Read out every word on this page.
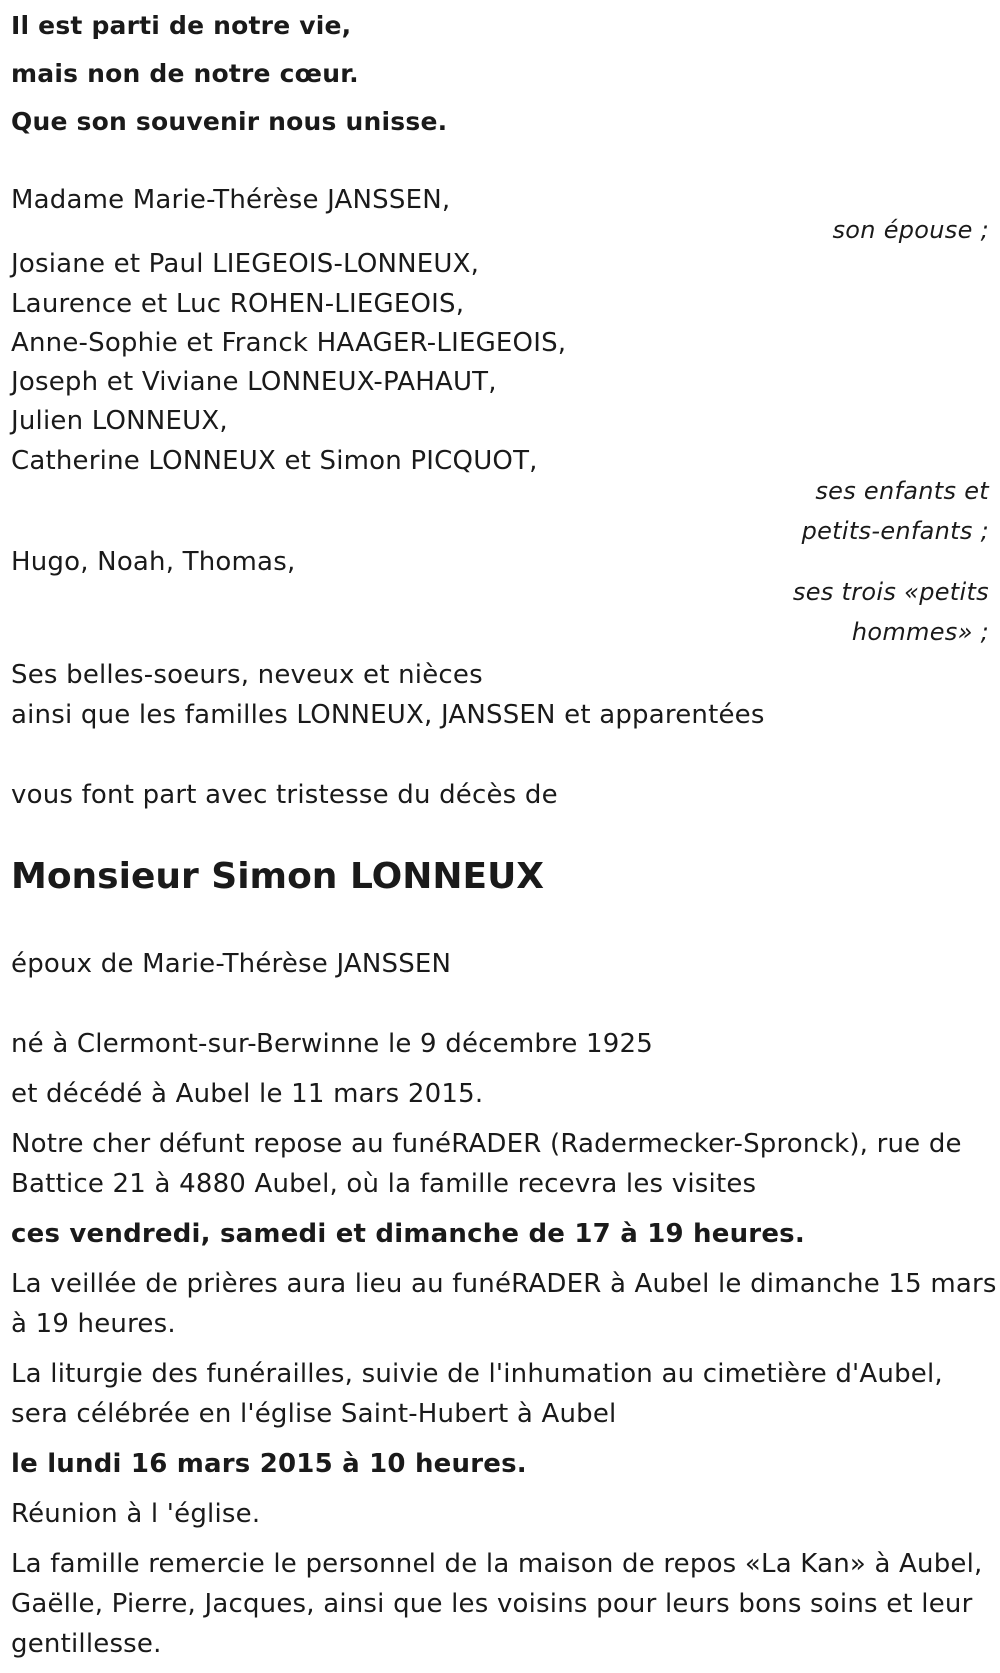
Il est parti de notre vie,
mais non de notre cœur.
Que son souvenir nous unisse.
Madame Marie-Thérèse JANSSEN,
son épouse ;
Josiane et Paul LIEGEOIS-LONNEUX,
Laurence et Luc ROHEN-LIEGEOIS,
Anne-Sophie et Franck HAAGER-LIEGEOIS,
Joseph et Viviane LONNEUX-PAHAUT,
Julien LONNEUX,
Catherine LONNEUX et Simon PICQUOT,
ses enfants et
petits-enfants ;
Hugo, Noah, Thomas,
ses trois «petits
hommes» ;
Ses belles-soeurs, neveux et nièces
ainsi que les familles LONNEUX, JANSSEN et apparentées
vous font part avec tristesse du décès de
Monsieur Simon LONNEUX
époux de Marie-Thérèse JANSSEN
né à Clermont-sur-Berwinne le 9 décembre 1925
et décédé à Aubel le 11 mars 2015.
Notre cher défunt repose au funéRADER (Radermecker-Spronck), rue de
Battice 21 à 4880 Aubel, où la famille recevra les visites
ces vendredi, samedi et dimanche de 17 à 19 heures.
La veillée de prières aura lieu au funéRADER à Aubel le dimanche 15 mars
à 19 heures.
La liturgie des funérailles, suivie de l'inhumation au cimetière d'Aubel,
sera célébrée en l'église Saint-Hubert à Aubel
le lundi 16 mars 2015 à 10 heures.
Réunion à l 'église.
La famille remercie le personnel de la maison de repos «La Kan» à Aubel,
Gaëlle, Pierre, Jacques, ainsi que les voisins pour leurs bons soins et leur
gentillesse.
